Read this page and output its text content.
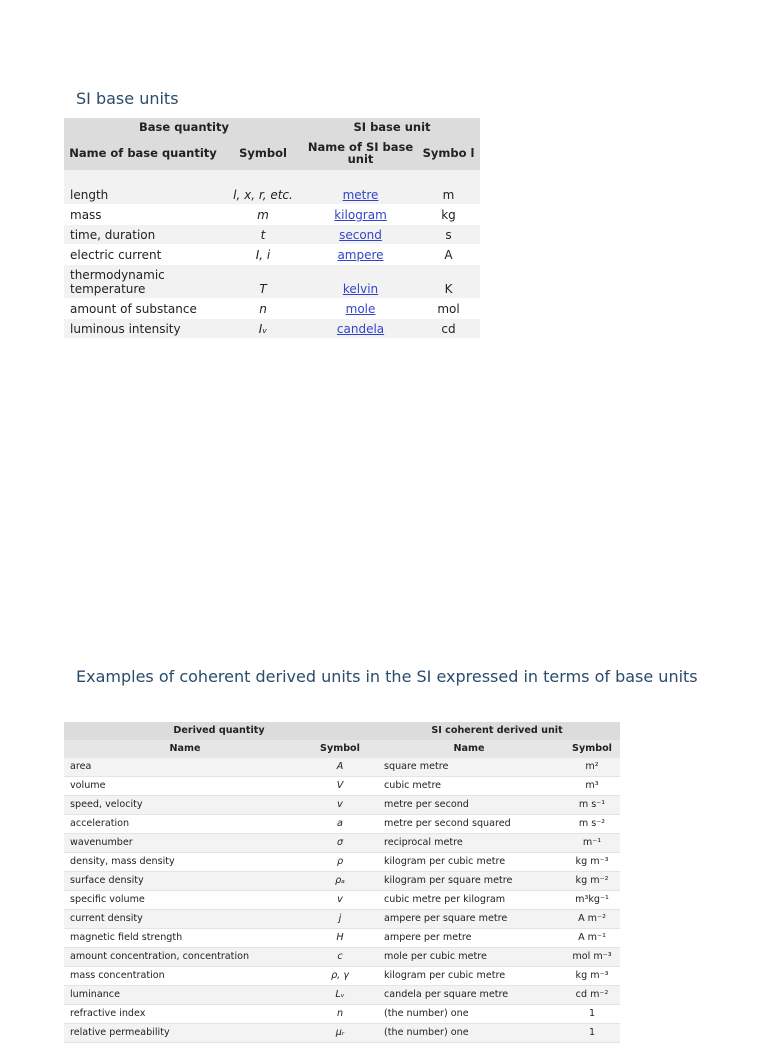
SI base units
Base quantity		SI base unit	
Name of base quantity	Symbol	Name of SI base unit	Symbo l
length	l, x, r, etc.	metre	m
mass	m	kilogram	kg
time, duration	t	second	s
electric current	I, i	ampere	A
thermodynamic temperature	T	kelvin	K
amount of substance	n	mole	mol
luminous intensity	Iᵥ	candela	cd
Examples of coherent derived units in the SI expressed in terms of base units
Derived quantity		SI coherent derived unit	
Name	Symbol	Name	Symbol
area	A	square metre	m²
volume	V	cubic metre	m³
speed, velocity	v	metre per second	m s⁻¹
acceleration	a	metre per second squared	m s⁻²
wavenumber	σ	reciprocal metre	m⁻¹
density, mass density	ρ	kilogram per cubic metre	kg m⁻³
surface density	ρₐ	kilogram per square metre	kg m⁻²
specific volume	v	cubic metre per kilogram	m³kg⁻¹
current density	j	ampere per square metre	A m⁻²
magnetic field strength	H	ampere per metre	A m⁻¹
amount concentration, concentration	c	mole per cubic metre	mol m⁻³
mass concentration	ρ, γ	kilogram per cubic metre	kg m⁻³
luminance	Lᵥ	candela per square metre	cd m⁻²
refractive index	n	(the number) one	1
relative permeability	μᵣ	(the number) one	1
